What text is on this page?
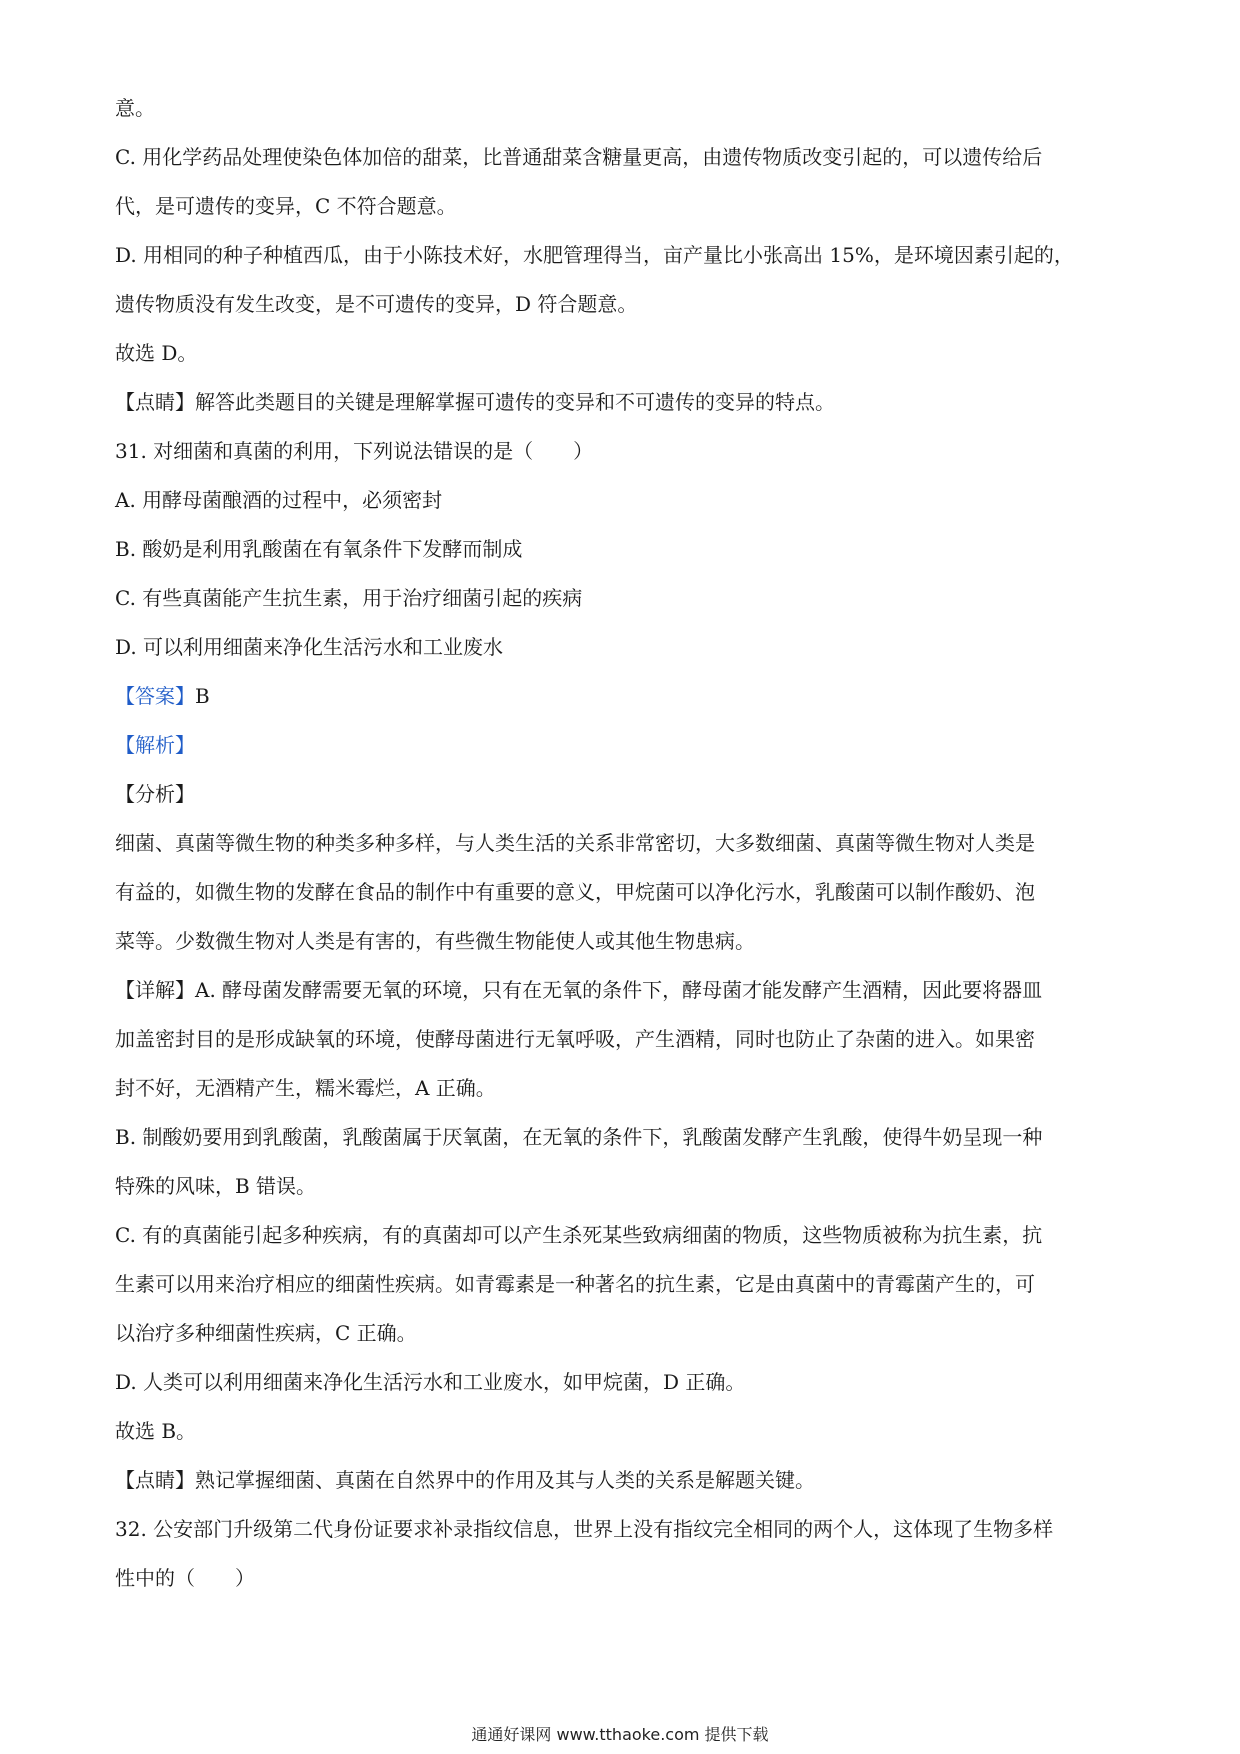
意。
C. 用化学药品处理使染色体加倍的甜菜，比普通甜菜含糖量更高，由遗传物质改变引起的，可以遗传给后
代，是可遗传的变异，C 不符合题意。
D. 用相同的种子种植西瓜，由于小陈技术好，水肥管理得当，亩产量比小张高出 15%，是环境因素引起的，
遗传物质没有发生改变，是不可遗传的变异，D 符合题意。
故选 D。
【点睛】解答此类题目的关键是理解掌握可遗传的变异和不可遗传的变异的特点。
31. 对细菌和真菌的利用，下列说法错误的是（　　）
A. 用酵母菌酿酒的过程中，必须密封
B. 酸奶是利用乳酸菌在有氧条件下发酵而制成
C. 有些真菌能产生抗生素，用于治疗细菌引起的疾病
D. 可以利用细菌来净化生活污水和工业废水
【答案】B
【解析】
【分析】
细菌、真菌等微生物的种类多种多样，与人类生活的关系非常密切，大多数细菌、真菌等微生物对人类是
有益的，如微生物的发酵在食品的制作中有重要的意义，甲烷菌可以净化污水，乳酸菌可以制作酸奶、泡
菜等。少数微生物对人类是有害的，有些微生物能使人或其他生物患病。
【详解】A. 酵母菌发酵需要无氧的环境，只有在无氧的条件下，酵母菌才能发酵产生酒精，因此要将器皿
加盖密封目的是形成缺氧的环境，使酵母菌进行无氧呼吸，产生酒精，同时也防止了杂菌的进入。如果密
封不好，无酒精产生，糯米霉烂，A 正确。
B. 制酸奶要用到乳酸菌，乳酸菌属于厌氧菌，在无氧的条件下，乳酸菌发酵产生乳酸，使得牛奶呈现一种
特殊的风味，B 错误。
C. 有的真菌能引起多种疾病，有的真菌却可以产生杀死某些致病细菌的物质，这些物质被称为抗生素，抗
生素可以用来治疗相应的细菌性疾病。如青霉素是一种著名的抗生素，它是由真菌中的青霉菌产生的，可
以治疗多种细菌性疾病，C 正确。
D. 人类可以利用细菌来净化生活污水和工业废水，如甲烷菌，D 正确。
故选 B。
【点睛】熟记掌握细菌、真菌在自然界中的作用及其与人类的关系是解题关键。
32. 公安部门升级第二代身份证要求补录指纹信息，世界上没有指纹完全相同的两个人，这体现了生物多样
性中的（　　）
通通好课网 www.tthaoke.com 提供下载
